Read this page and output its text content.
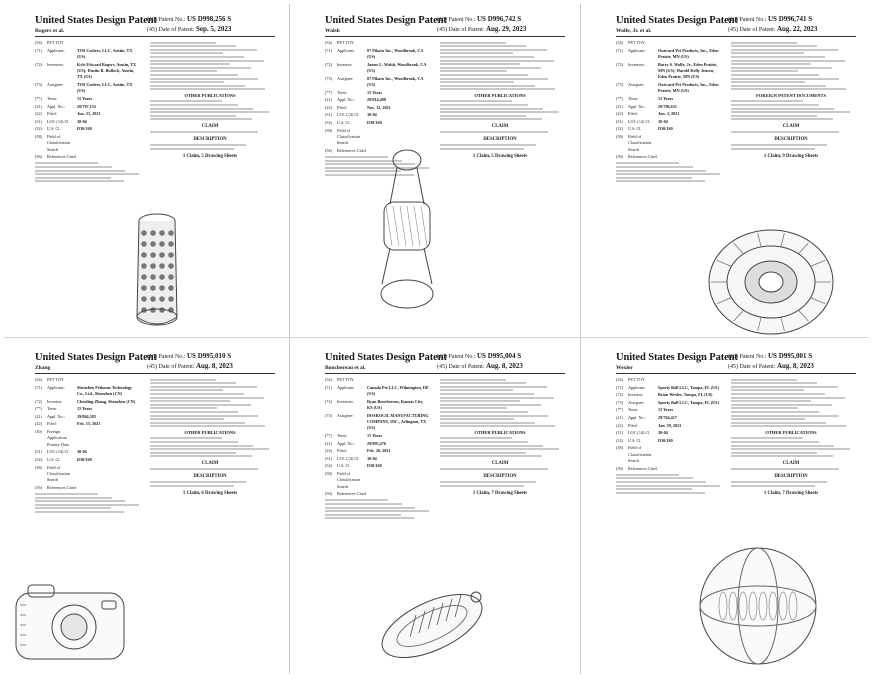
United States Design Patent
Rogers et al.
(10) Patent No.: US D998,256 S
(45) Date of Patent: Sep. 5, 2023
(54)	PET TOY
(71)	Applicant:	TOS Coolers, LLC, Austin, TX (US)
(72)	Inventors:	Kyle Edward Rogers, Austin, TX (US); Dustin R. Bullock, Austin, TX (US)
(73)	Assignee:	TOS Coolers, LLC, Austin, TX (US)
(**)	Term:	15 Years
(21)	Appl. No.:	29/797,152
(22)	Filed:	Jun. 23, 2021
(51)	LOC (14) Cl.	30-04
(52)	U.S. Cl.	D30/160
(58)	Field of Classification Search
(56)	References Cited
OTHER PUBLICATIONS
CLAIM
DESCRIPTION
1 Claim, 5 Drawing Sheets
United States Design Patent
Walsh
(10) Patent No.: US D996,742 S
(45) Date of Patent: Aug. 29, 2023
(54)	PET TOY
(71)	Applicant:	87 Pikaro Inc., Woodbrook, CA (US)
(72)	Inventor:	James L. Walsh, Woodbrook, CA (US)
(73)	Assignee:	87 Pikaro Inc., Woodbrook, CA (US)
(**)	Term:	15 Years
(21)	Appl. No.:	29/814,408
(22)	Filed:	Nov. 12, 2021
(51)	LOC (14) Cl.	30-04
(52)	U.S. Cl.	D30/160
(58)	Field of Classification Search
(56)	References Cited
OTHER PUBLICATIONS
CLAIM
DESCRIPTION
1 Claim, 5 Drawing Sheets
United States Design Patent
Wolfe, Jr. et al.
(10) Patent No.: US D996,741 S
(45) Date of Patent: Aug. 22, 2023
(54)	PET TOY
(71)	Applicant:	Outward Pet Products, Inc., Eden Prairie, MN (US)
(72)	Inventors:	Barry S. Wolfe, Jr., Eden Prairie, MN (US); Harold Kelly Jensen, Eden Prairie, MN (US)
(73)	Assignee:	Outward Pet Products, Inc., Eden Prairie, MN (US)
(**)	Term:	15 Years
(21)	Appl. No.:	29/786,631
(22)	Filed:	Jun. 3, 2021
(51)	LOC (14) Cl.	30-04
(52)	U.S. Cl.	D30/160
(58)	Field of Classification Search
(56)	References Cited
FOREIGN PATENT DOCUMENTS
CLAIM
DESCRIPTION
1 Claim, 9 Drawing Sheets
United States Design Patent
Zhang
(10) Patent No.: US D995,010 S
(45) Date of Patent: Aug. 8, 2023
(54)	PET TOY
(71)	Applicant:	Shenzhen Pethome Technology Co., Ltd., Shenzhen (CN)
(72)	Inventor:	Chenling Zhang, Shenzhen (CN)
(**)	Term:	15 Years
(21)	Appl. No.:	29/864,383
(22)	Filed:	Feb. 15, 2023
(30)	Foreign Application Priority Data
(51)	LOC (14) Cl.	30-04
(52)	U.S. Cl.	D30/160
(58)	Field of Classification Search
(56)	References Cited
OTHER PUBLICATIONS
CLAIM
DESCRIPTION
1 Claim, 6 Drawing Sheets
United States Design Patent
Bouchereau et al.
(10) Patent No.: US D995,004 S
(45) Date of Patent: Aug. 8, 2023
(54)	PET TOY
(71)	Applicant:	Canada Pet LLC, Wilmington, DE (US)
(72)	Inventors:	Ryan Bouchereau, Kansas City, KS (US)
(73)	Assignee:	DOSKOCIL MANUFACTURING COMPANY, INC., Arlington, TX (US)
(**)	Term:	15 Years
(21)	Appl. No.:	29/805,476
(22)	Filed:	Feb. 26, 2021
(51)	LOC (14) Cl.	30-04
(52)	U.S. Cl.	D30/160
(58)	Field of Classification Search
(56)	References Cited
OTHER PUBLICATIONS
CLAIM
DESCRIPTION
1 Claim, 7 Drawing Sheets
United States Design Patent
Wexler
(10) Patent No.: US D995,001 S
(45) Date of Patent: Aug. 8, 2023
(54)	PET TOY
(71)	Applicant:	Sporty Ball LLC, Tampa, FL (US)
(72)	Inventor:	Brian Wexler, Tampa, FL (US)
(73)	Assignee:	Sporty Ball LLC, Tampa, FL (US)
(**)	Term:	15 Years
(21)	Appl. No.:	29/764,417
(22)	Filed:	Jan. 29, 2021
(51)	LOC (14) Cl.	30-04
(52)	U.S. Cl.	D30/160
(58)	Field of Classification Search
(56)	References Cited
OTHER PUBLICATIONS
CLAIM
DESCRIPTION
1 Claim, 7 Drawing Sheets
